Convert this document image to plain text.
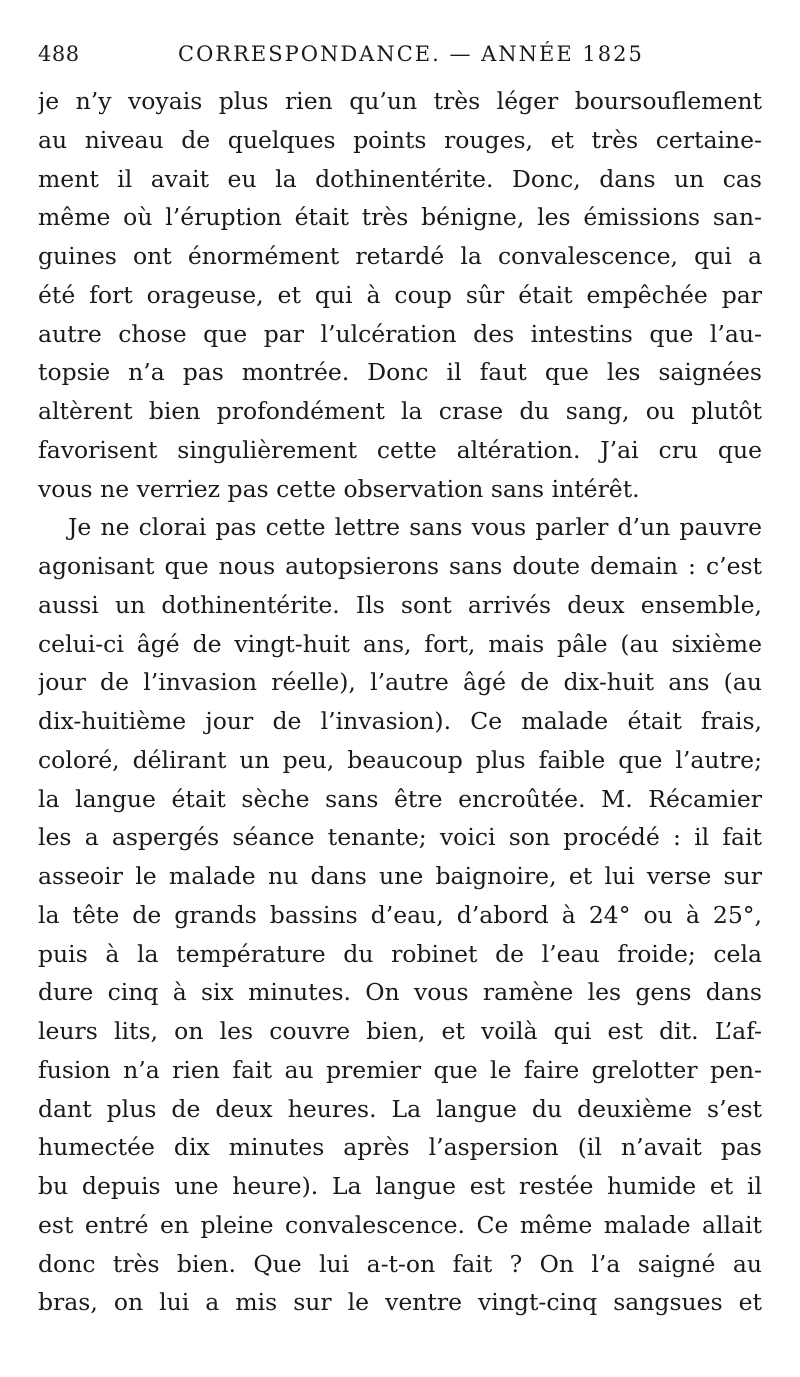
488	CORRESPONDANCE. — ANNÉE 1825
je n’y voyais plus rien qu’un très léger boursouflement
au niveau de quelques points rouges, et très certaine-
ment il avait eu la dothinentérite. Donc, dans un cas
même où l’éruption était très bénigne, les émissions san-
guines ont énormément retardé la convalescence, qui a
été fort orageuse, et qui à coup sûr était empêchée par
autre chose que par l’ulcération des intestins que l’au-
topsie n’a pas montrée. Donc il faut que les saignées
altèrent bien profondément la crase du sang, ou plutôt
favorisent singulièrement cette altération. J’ai cru que
vous ne verriez pas cette observation sans intérêt.
Je ne clorai pas cette lettre sans vous parler d’un pauvre
agonisant que nous autopsierons sans doute demain : c’est
aussi un dothinentérite. Ils sont arrivés deux ensemble,
celui-ci âgé de vingt-huit ans, fort, mais pâle (au sixième
jour de l’invasion réelle), l’autre âgé de dix-huit ans (au
dix-huitième jour de l’invasion). Ce malade était frais,
coloré, délirant un peu, beaucoup plus faible que l’autre;
la langue était sèche sans être encroûtée. M. Récamier
les a aspergés séance tenante; voici son procédé : il fait
asseoir le malade nu dans une baignoire, et lui verse sur
la tête de grands bassins d’eau, d’abord à 24° ou à 25°,
puis à la température du robinet de l’eau froide; cela
dure cinq à six minutes. On vous ramène les gens dans
leurs lits, on les couvre bien, et voilà qui est dit. L’af-
fusion n’a rien fait au premier que le faire grelotter pen-
dant plus de deux heures. La langue du deuxième s’est
humectée dix minutes après l’aspersion (il n’avait pas
bu depuis une heure). La langue est restée humide et il
est entré en pleine convalescence. Ce même malade allait
donc très bien. Que lui a-t-on fait ? On l’a saigné au
bras, on lui a mis sur le ventre vingt-cinq sangsues et
